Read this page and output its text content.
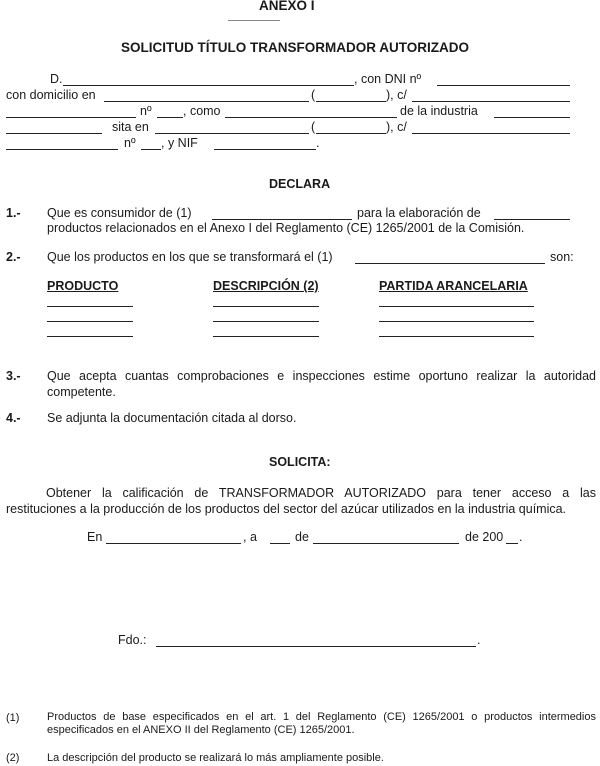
ANEXO I
SOLICITUD TÍTULO TRANSFORMADOR AUTORIZADO
D.	, con DNI nº
con domicilio en	(	), c/
nº	, como	de la industria
sita en	(	), c/
nº , y NIF	.
DECLARA
1.- Que es consumidor de (1)	para la elaboración de
productos relacionados en el Anexo I del Reglamento (CE) 1265/2001 de la Comisión.
2.- Que los productos en los que se transformará el (1)	son:
PRODUCTO	DESCRIPCIÓN (2)	PARTIDA ARANCELARIA
3.- Que acepta cuantas comprobaciones e inspecciones estime oportuno realizar la autoridad competente.
4.- Se adjunta la documentación citada al dorso.
SOLICITA:
Obtener la calificación de TRANSFORMADOR AUTORIZADO para tener acceso a las restituciones a la producción de los productos del sector del azúcar utilizados en la industria química.
En	, a	de	de 200 .
Fdo.:	.
(1)	Productos de base especificados en el art. 1 del Reglamento (CE) 1265/2001 o productos intermedios especificados en el ANEXO II del Reglamento (CE) 1265/2001.
(2)	La descripción del producto se realizará lo más ampliamente posible.
